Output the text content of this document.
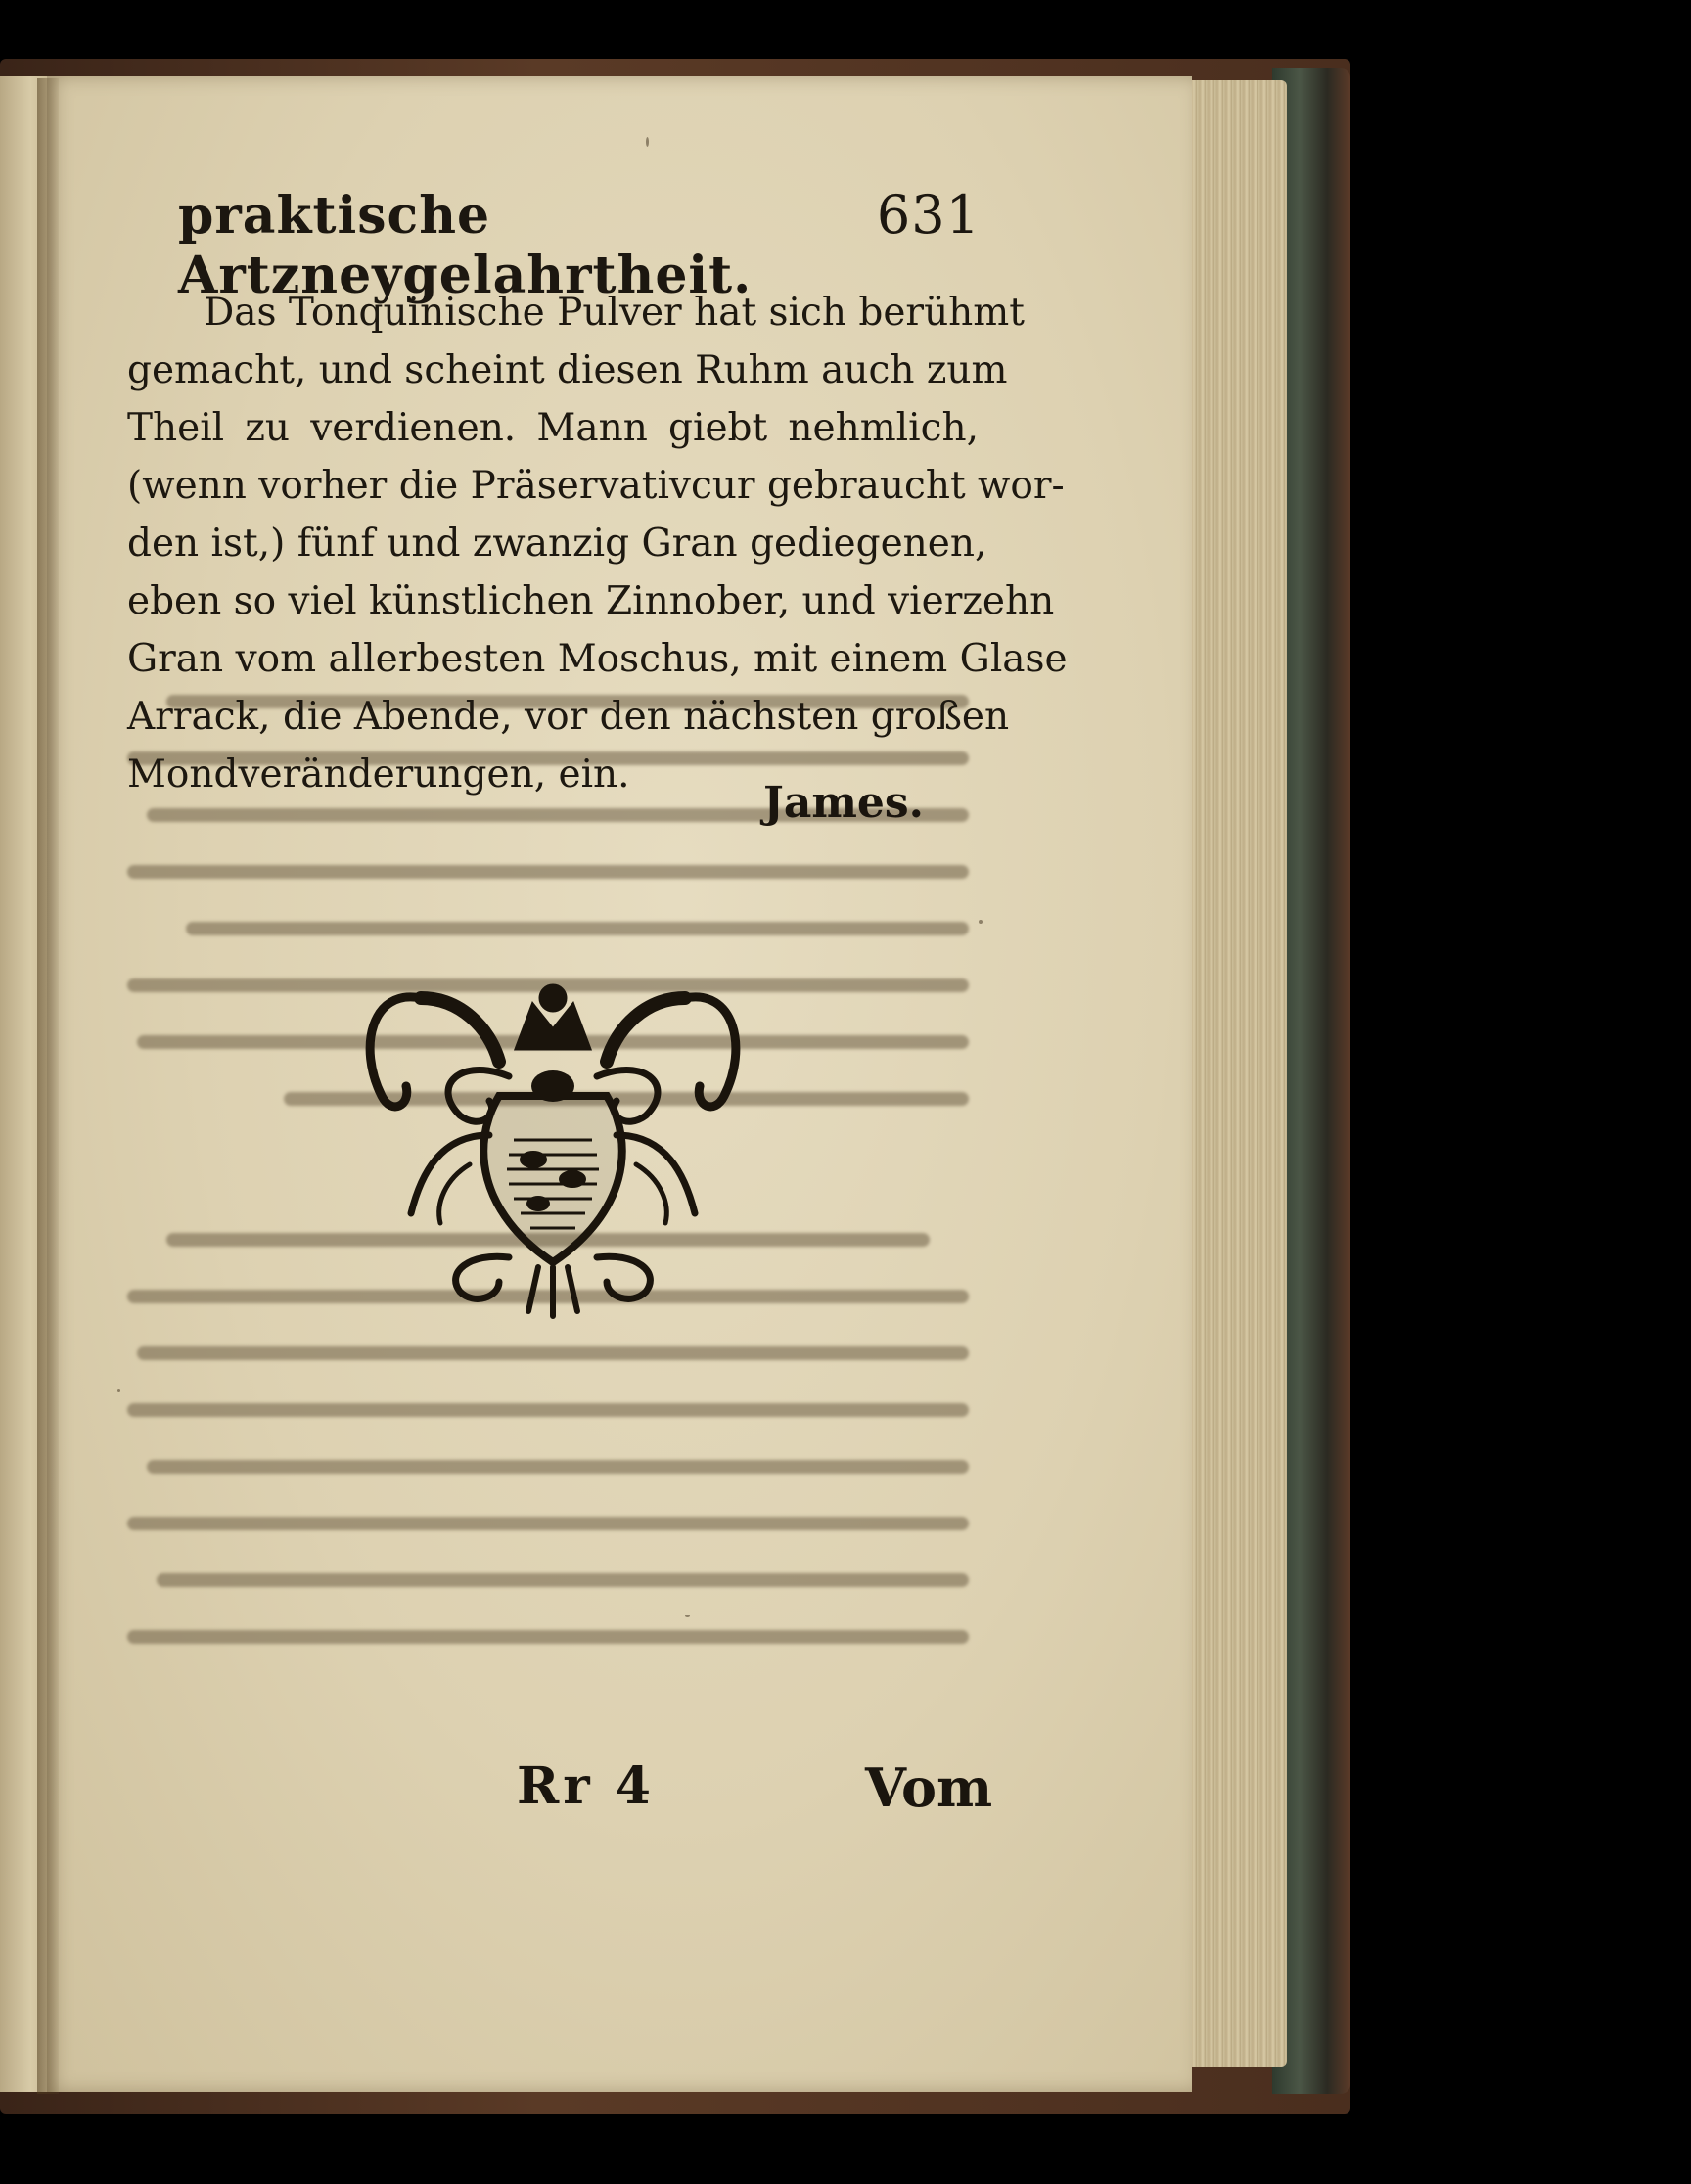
praktische Artzneygelahrtheit.
631
Das Tonquinische Pulver hat sich berühmt
gemacht, und scheint diesen Ruhm auch zum
Theil zu verdienen. Mann giebt nehmlich,
(wenn vorher die Präservativcur gebraucht wor-
den ist,) fünf und zwanzig Gran gediegenen,
eben so viel künstlichen Zinnober, und vierzehn
Gran vom allerbesten Moschus, mit einem Glase
Arrack, die Abende, vor den nächsten großen
Mondveränderungen, ein.
James.
Rr 4	Vom
